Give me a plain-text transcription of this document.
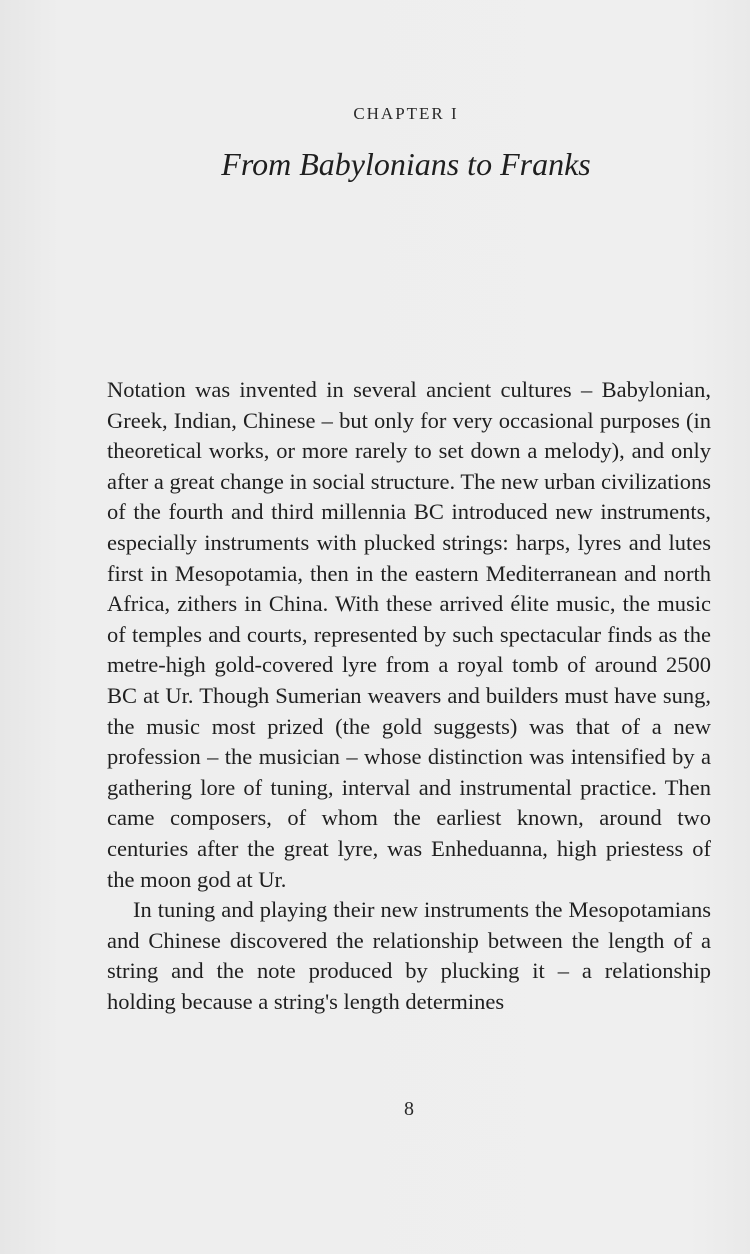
CHAPTER I
From Babylonians to Franks

Notation was invented in several ancient cultures – Babylonian, Greek, Indian, Chinese – but only for very occasional purposes (in theoretical works, or more rarely to set down a melody), and only after a great change in social structure. The new urban civilizations of the fourth and third millennia BC introduced new instruments, especially instruments with plucked strings: harps, lyres and lutes first in Mesopotamia, then in the eastern Mediterranean and north Africa, zithers in China. With these arrived élite music, the music of temples and courts, represented by such spectacular finds as the metre-high gold-covered lyre from a royal tomb of around 2500 BC at Ur. Though Sumerian weavers and builders must have sung, the music most prized (the gold suggests) was that of a new profession – the musician – whose distinction was intensified by a gathering lore of tuning, interval and instrumental practice. Then came composers, of whom the earliest known, around two centuries after the great lyre, was Enheduanna, high priestess of the moon god at Ur.

In tuning and playing their new instruments the Mesopotamians and Chinese discovered the relationship between the length of a string and the note produced by plucking it – a relationship holding because a string's length determines

8
